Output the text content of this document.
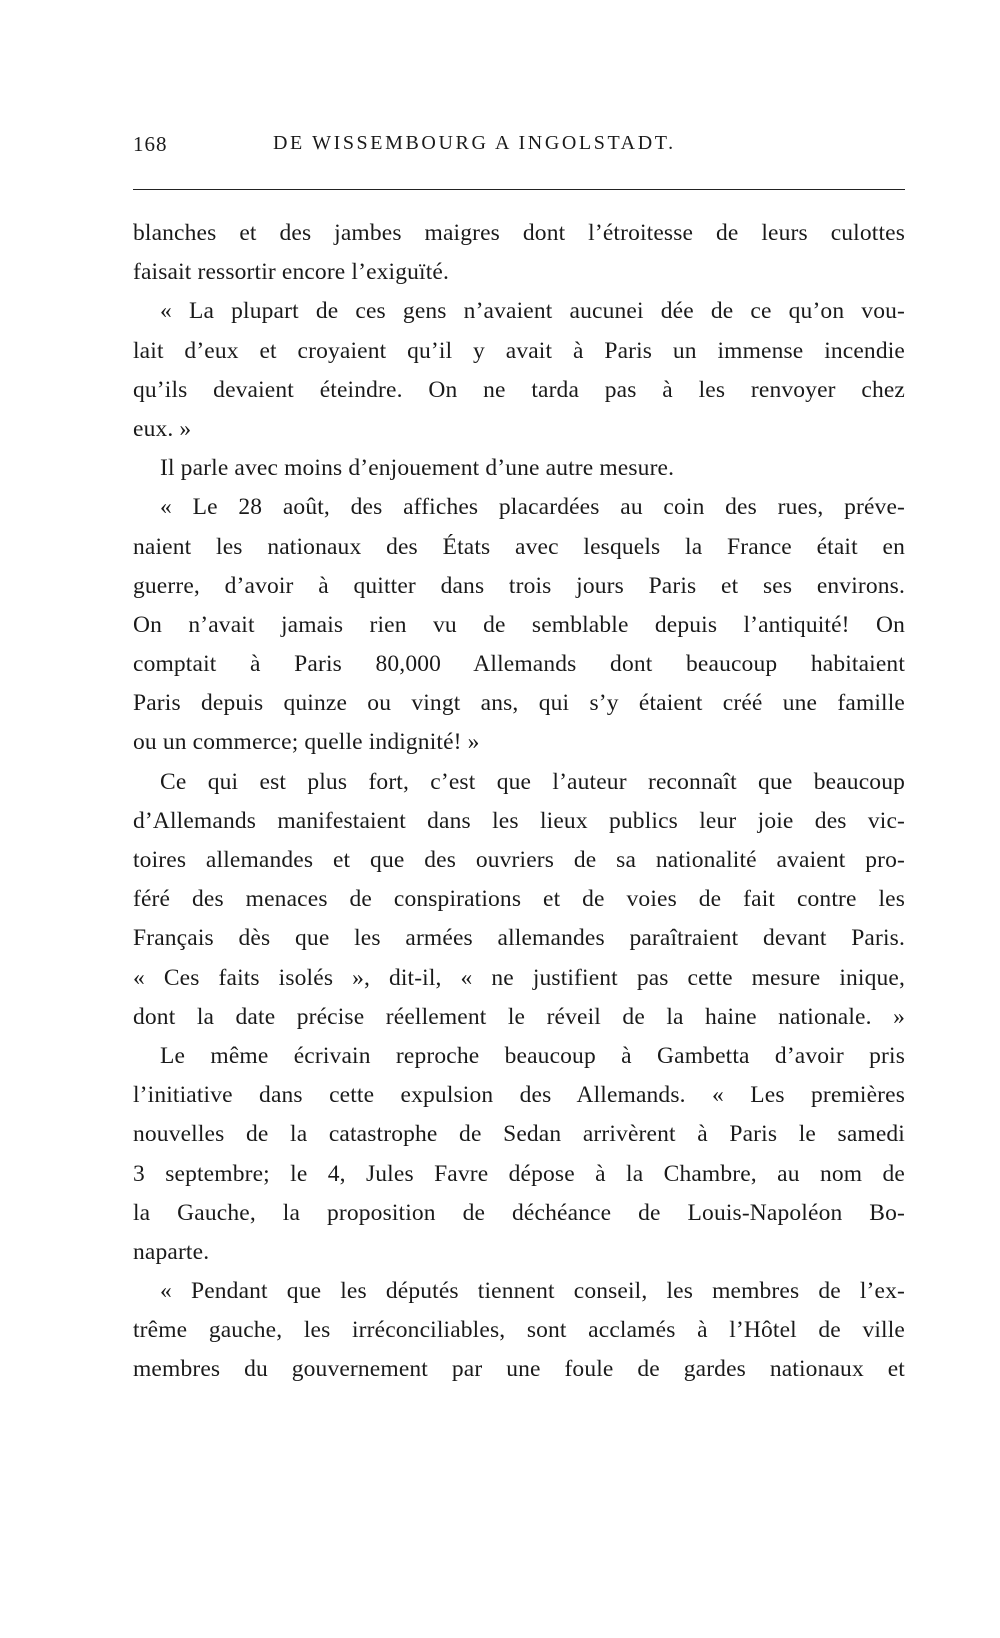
168	DE WISSEMBOURG A INGOLSTADT.
blanches et des jambes maigres dont l’étroitesse de leurs culottes
faisait ressortir encore l’exiguïté.
« La plupart de ces gens n’avaient aucunei dée de ce qu’on vou-
lait d’eux et croyaient qu’il y avait à Paris un immense incendie
qu’ils devaient éteindre. On ne tarda pas à les renvoyer chez
eux. »
Il parle avec moins d’enjouement d’une autre mesure.
« Le 28 août, des affiches placardées au coin des rues, préve-
naient les nationaux des États avec lesquels la France était en
guerre, d’avoir à quitter dans trois jours Paris et ses environs.
On n’avait jamais rien vu de semblable depuis l’antiquité! On
comptait à Paris 80,000 Allemands dont beaucoup habitaient
Paris depuis quinze ou vingt ans, qui s’y étaient créé une famille
ou un commerce; quelle indignité! »
Ce qui est plus fort, c’est que l’auteur reconnaît que beaucoup
d’Allemands manifestaient dans les lieux publics leur joie des vic-
toires allemandes et que des ouvriers de sa nationalité avaient pro-
féré des menaces de conspirations et de voies de fait contre les
Français dès que les armées allemandes paraîtraient devant Paris.
« Ces faits isolés », dit-il, « ne justifient pas cette mesure inique,
dont la date précise réellement le réveil de la haine nationale. »
Le même écrivain reproche beaucoup à Gambetta d’avoir pris
l’initiative dans cette expulsion des Allemands. « Les premières
nouvelles de la catastrophe de Sedan arrivèrent à Paris le samedi
3 septembre; le 4, Jules Favre dépose à la Chambre, au nom de
la Gauche, la proposition de déchéance de Louis-Napoléon Bo-
naparte.
« Pendant que les députés tiennent conseil, les membres de l’ex-
trême gauche, les irréconciliables, sont acclamés à l’Hôtel de ville
membres du gouvernement par une foule de gardes nationaux et
